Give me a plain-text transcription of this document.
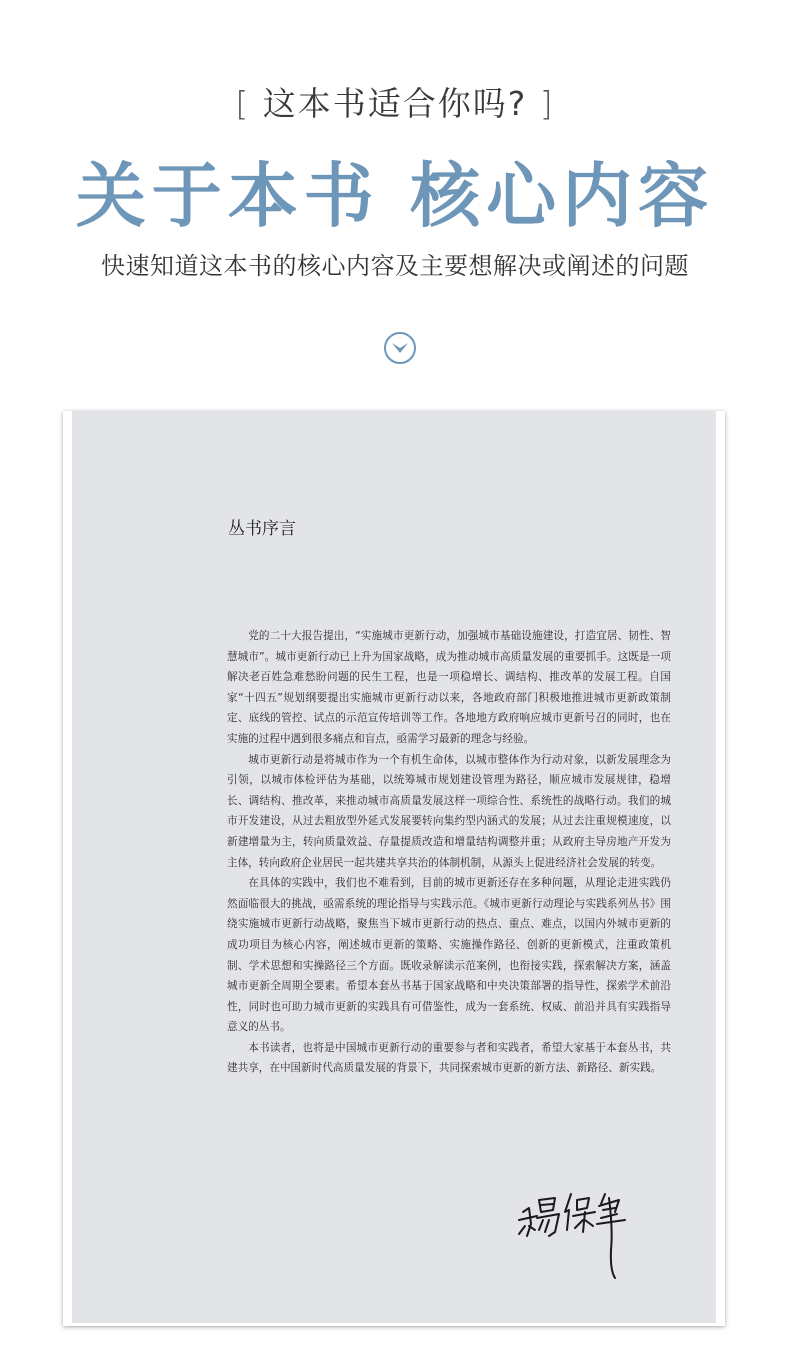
[ 这本书适合你吗? ]
关于本书 核心内容
快速知道这本书的核心内容及主要想解决或阐述的问题
丛书序言

党的二十大报告提出，“实施城市更新行动，加强城市基础设施建设，打造宜居、韧性、智慧城市”。城市更新行动已上升为国家战略，成为推动城市高质量发展的重要抓手。这既是一项解决老百姓急难愁盼问题的民生工程，也是一项稳增长、调结构、推改革的发展工程。自国家“十四五”规划纲要提出实施城市更新行动以来，各地政府部门积极地推进城市更新政策制定、底线的管控、试点的示范宣传培训等工作。各地地方政府响应城市更新号召的同时，也在实施的过程中遇到很多痛点和盲点，亟需学习最新的理念与经验。

城市更新行动是将城市作为一个有机生命体，以城市整体作为行动对象，以新发展理念为引领，以城市体检评估为基础，以统筹城市规划建设管理为路径，顺应城市发展规律，稳增长、调结构、推改革，来推动城市高质量发展这样一项综合性、系统性的战略行动。我们的城市开发建设，从过去粗放型外延式发展要转向集约型内涵式的发展；从过去注重规模速度，以新建增量为主，转向质量效益、存量提质改造和增量结构调整并重；从政府主导房地产开发为主体，转向政府企业居民一起共建共享共治的体制机制，从源头上促进经济社会发展的转变。

在具体的实践中，我们也不难看到，目前的城市更新还存在多种问题，从理论走进实践仍然面临很大的挑战，亟需系统的理论指导与实践示范。《城市更新行动理论与实践系列丛书》围绕实施城市更新行动战略，聚焦当下城市更新行动的热点、重点、难点，以国内外城市更新的成功项目为核心内容，阐述城市更新的策略、实施操作路径、创新的更新模式，注重政策机制、学术思想和实操路径三个方面。既收录解读示范案例，也衔接实践，探索解决方案，涵盖城市更新全周期全要素。希望本套丛书基于国家战略和中央决策部署的指导性，探索学术前沿性，同时也可助力城市更新的实践具有可借鉴性，成为一套系统、权威、前沿并具有实践指导意义的丛书。

本书读者，也将是中国城市更新行动的重要参与者和实践者，希望大家基于本套丛书，共建共享，在中国新时代高质量发展的背景下，共同探索城市更新的新方法、新路径、新实践。
